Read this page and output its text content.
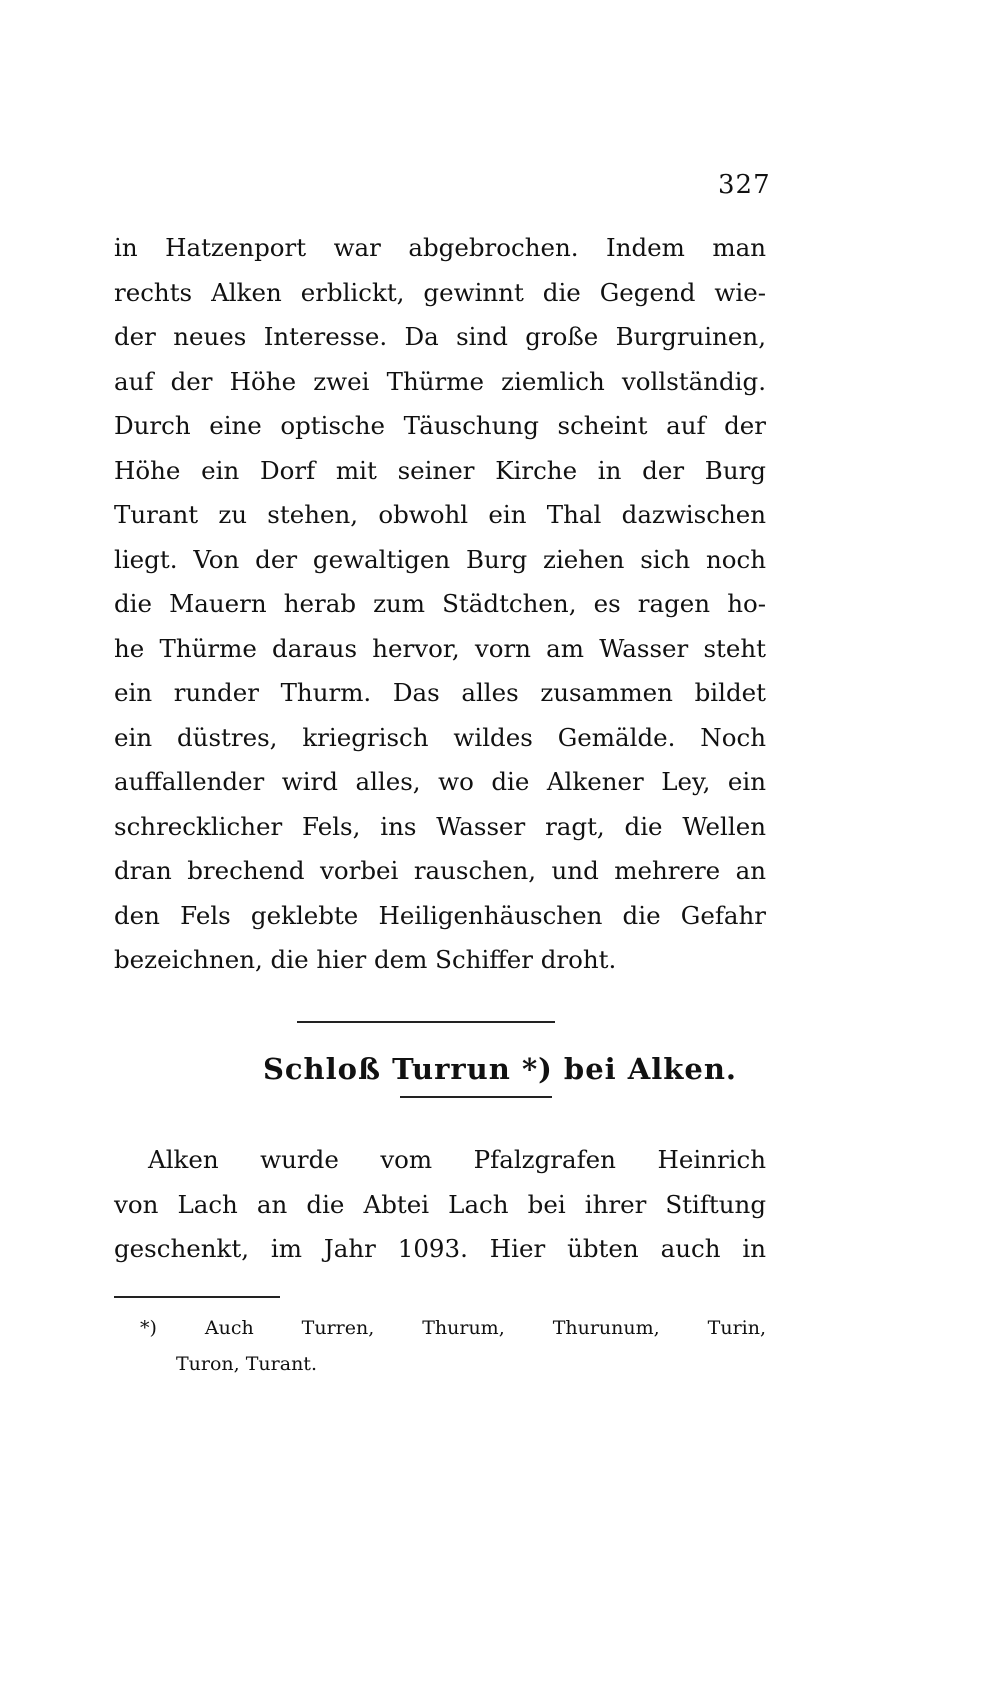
327
in Hatzenport war abgebrochen. Indem man
rechts Alken erblickt, gewinnt die Gegend wie-
der neues Interesse. Da sind große Burgruinen,
auf der Höhe zwei Thürme ziemlich vollständig.
Durch eine optische Täuschung scheint auf der
Höhe ein Dorf mit seiner Kirche in der Burg
Turant zu stehen, obwohl ein Thal dazwischen
liegt. Von der gewaltigen Burg ziehen sich noch
die Mauern herab zum Städtchen, es ragen ho-
he Thürme daraus hervor, vorn am Wasser steht
ein runder Thurm. Das alles zusammen bildet
ein düstres, kriegrisch wildes Gemälde. Noch
auffallender wird alles, wo die Alkener Ley, ein
schrecklicher Fels, ins Wasser ragt, die Wellen
dran brechend vorbei rauschen, und mehrere an
den Fels geklebte Heiligenhäuschen die Gefahr
bezeichnen, die hier dem Schiffer droht.
Schloß Turrun *) bei Alken.
Alken wurde vom Pfalzgrafen Heinrich
von Lach an die Abtei Lach bei ihrer Stiftung
geschenkt, im Jahr 1093. Hier übten auch in
*) Auch Turren, Thurum, Thurunum, Turin,
Turon, Turant.
